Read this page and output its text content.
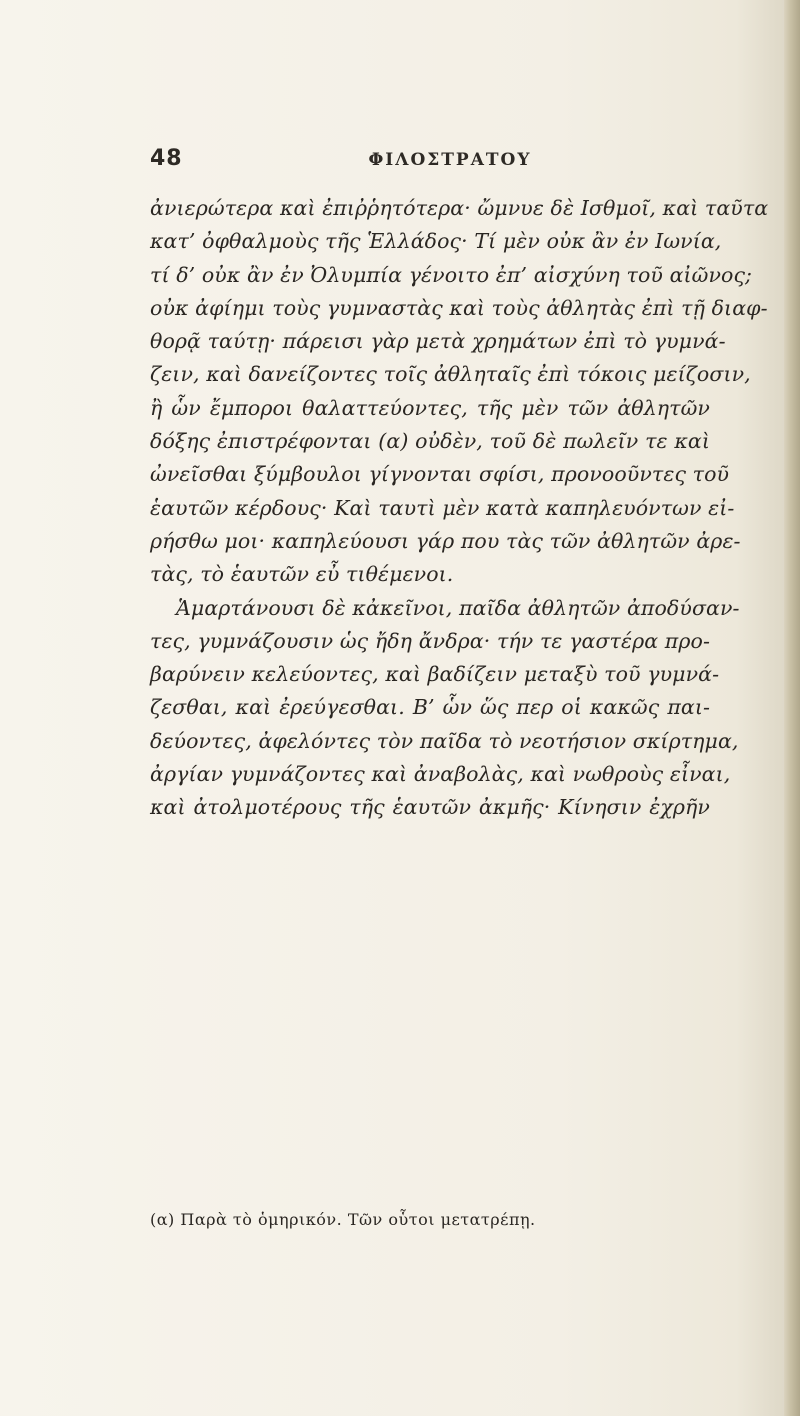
48	ΦΙΛΟΣΤΡΑΤΟΥ
ἀνιερώτερα καὶ ἐπιῤῥητότερα· ὤμνυε δὲ Ισθμοῖ, καὶ ταῦτα
κατ’ ὀφθαλμοὺς τῆς Ἑλλάδος· Τί μὲν οὐκ ἂν ἐν Ιωνία,
τί δ’ οὐκ ἂν ἐν Ὀλυμπία γένοιτο ἐπ’ αἰσχύνη τοῦ αἰῶνος;
οὐκ ἀφίημι τοὺς γυμναστὰς καὶ τοὺς ἀθλητὰς ἐπὶ τῇ διαφ-
θορᾷ ταύτῃ· πάρεισι γὰρ μετὰ χρημάτων ἐπὶ τὸ γυμνά-
ζειν, καὶ δανείζοντες τοῖς ἀθληταῖς ἐπὶ τόκοις μείζοσιν,
ἢ ὧν ἔμποροι θαλαττεύοντες, τῆς μὲν τῶν ἀθλητῶν
δόξης ἐπιστρέφονται (α) οὐδὲν, τοῦ δὲ πωλεῖν τε καὶ
ὠνεῖσθαι ξύμβουλοι γίγνονται σφίσι, προνοοῦντες τοῦ
ἑαυτῶν κέρδους· Καὶ ταυτὶ μὲν κατὰ καπηλευόντων εἰ-
ρήσθω μοι· καπηλεύουσι γάρ που τὰς τῶν ἀθλητῶν ἀρε-
τὰς, τὸ ἑαυτῶν εὖ τιθέμενοι.
Ἁμαρτάνουσι δὲ κἀκεῖνοι, παῖδα ἀθλητῶν ἀποδύσαν-
τες, γυμνάζουσιν ὡς ἤδη ἄνδρα· τήν τε γαστέρα προ-
βαρύνειν κελεύοντες, καὶ βαδίζειν μεταξὺ τοῦ γυμνά-
ζεσθαι, καὶ ἐρεύγεσθαι. Β’ ὧν ὥς περ οἱ κακῶς παι-
δεύοντες, ἀφελόντες τὸν παῖδα τὸ νεοτήσιον σκίρτημα,
ἀργίαν γυμνάζοντες καὶ ἀναβολὰς, καὶ νωθροὺς εἶναι,
καὶ ἀτολμοτέρους τῆς ἑαυτῶν ἀκμῆς· Κίνησιν ἐχρῆν
(α) Παρὰ τὸ ὁμηρικόν. Τῶν οὗτοι μετατρέπῃ.
